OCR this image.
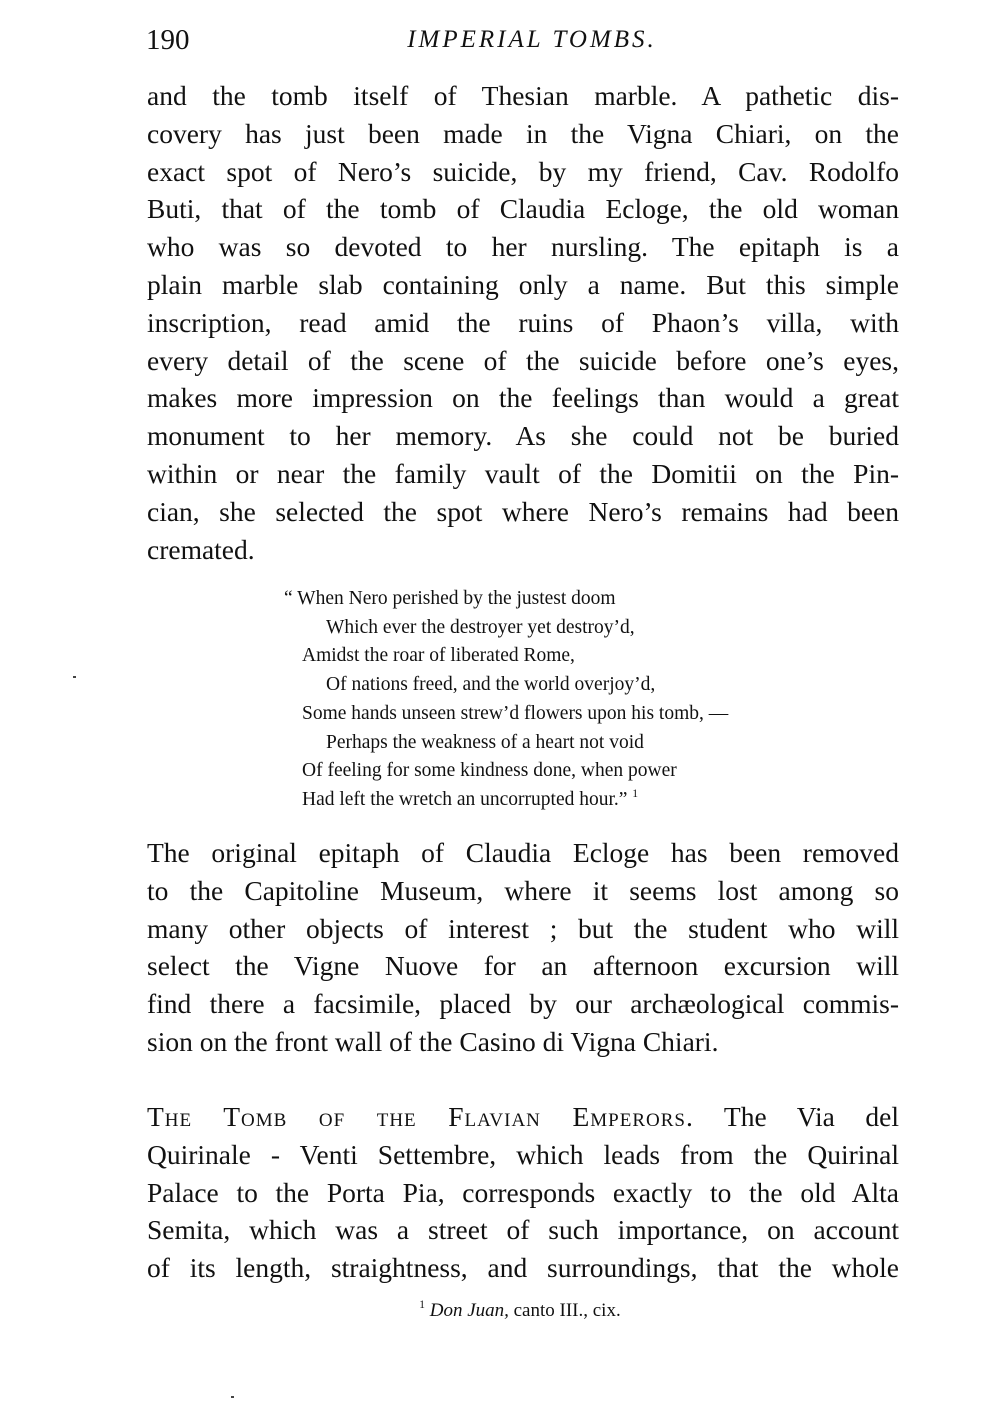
190	IMPERIAL TOMBS.
and the tomb itself of Thesian marble. A pathetic dis-
covery has just been made in the Vigna Chiari, on the
exact spot of Nero’s suicide, by my friend, Cav. Rodolfo
Buti, that of the tomb of Claudia Ecloge, the old woman
who was so devoted to her nursling. The epitaph is a
plain marble slab containing only a name. But this simple
inscription, read amid the ruins of Phaon’s villa, with
every detail of the scene of the suicide before one’s eyes,
makes more impression on the feelings than would a great
monument to her memory. As she could not be buried
within or near the family vault of the Domitii on the Pin-
cian, she selected the spot where Nero’s remains had been
cremated.
“ When Nero perished by the justest doom
Which ever the destroyer yet destroy’d,
Amidst the roar of liberated Rome,
Of nations freed, and the world overjoy’d,
Some hands unseen strew’d flowers upon his tomb, —
Perhaps the weakness of a heart not void
Of feeling for some kindness done, when power
Had left the wretch an uncorrupted hour.” $^1$
The original epitaph of Claudia Ecloge has been removed
to the Capitoline Museum, where it seems lost among so
many other objects of interest ; but the student who will
select the Vigne Nuove for an afternoon excursion will
find there a facsimile, placed by our archæological commis-
sion on the front wall of the Casino di Vigna Chiari.
The Tomb of the Flavian Emperors. The Via del
Quirinale - Venti Settembre, which leads from the Quirinal
Palace to the Porta Pia, corresponds exactly to the old Alta
Semita, which was a street of such importance, on account
of its length, straightness, and surroundings, that the whole
$^1$ Don Juan, canto III., cix.
